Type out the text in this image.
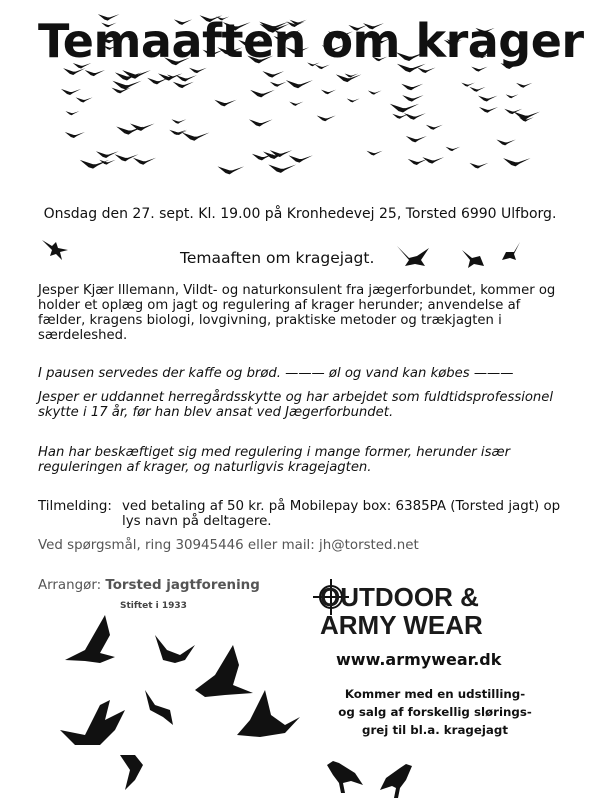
Temaaften om krager
Onsdag den 27. sept. Kl. 19.00 på Kronhedevej 25, Torsted 6990 Ulfborg.
Temaaften om kragejagt.
Jesper Kjær Illemann, Vildt- og naturkonsulent fra jægerforbundet, kommer og holder et oplæg om jagt og regulering af krager herunder; anvendelse af fælder, kragens biologi, lovgivning, praktiske metoder og trækjagten i særdeleshed.
I pausen servedes der kaffe og brød. ——— øl og vand kan købes ———
Jesper er uddannet herregårdsskytte og har arbejdet som fuldtidsprofessionel skytte i 17 år, før han blev ansat ved Jægerforbundet.
Han har beskæftiget sig med regulering i mange former, herunder især reguleringen af krager, og naturligvis kragejagten.
Tilmelding: ved betaling af 50 kr. på Mobilepay box: 6385PA (Torsted jagt) op lys navn på deltagere.
Ved spørgsmål, ring 30945446 eller mail: jh@torsted.net
Arrangør: Torsted jagtforening
Stiftet i 1933	OUTDOOR &
ARMY WEAR
www.armywear.dk
Kommer med en udstilling-
og salg af forskellig slørings-
grej til bl.a. kragejagt
